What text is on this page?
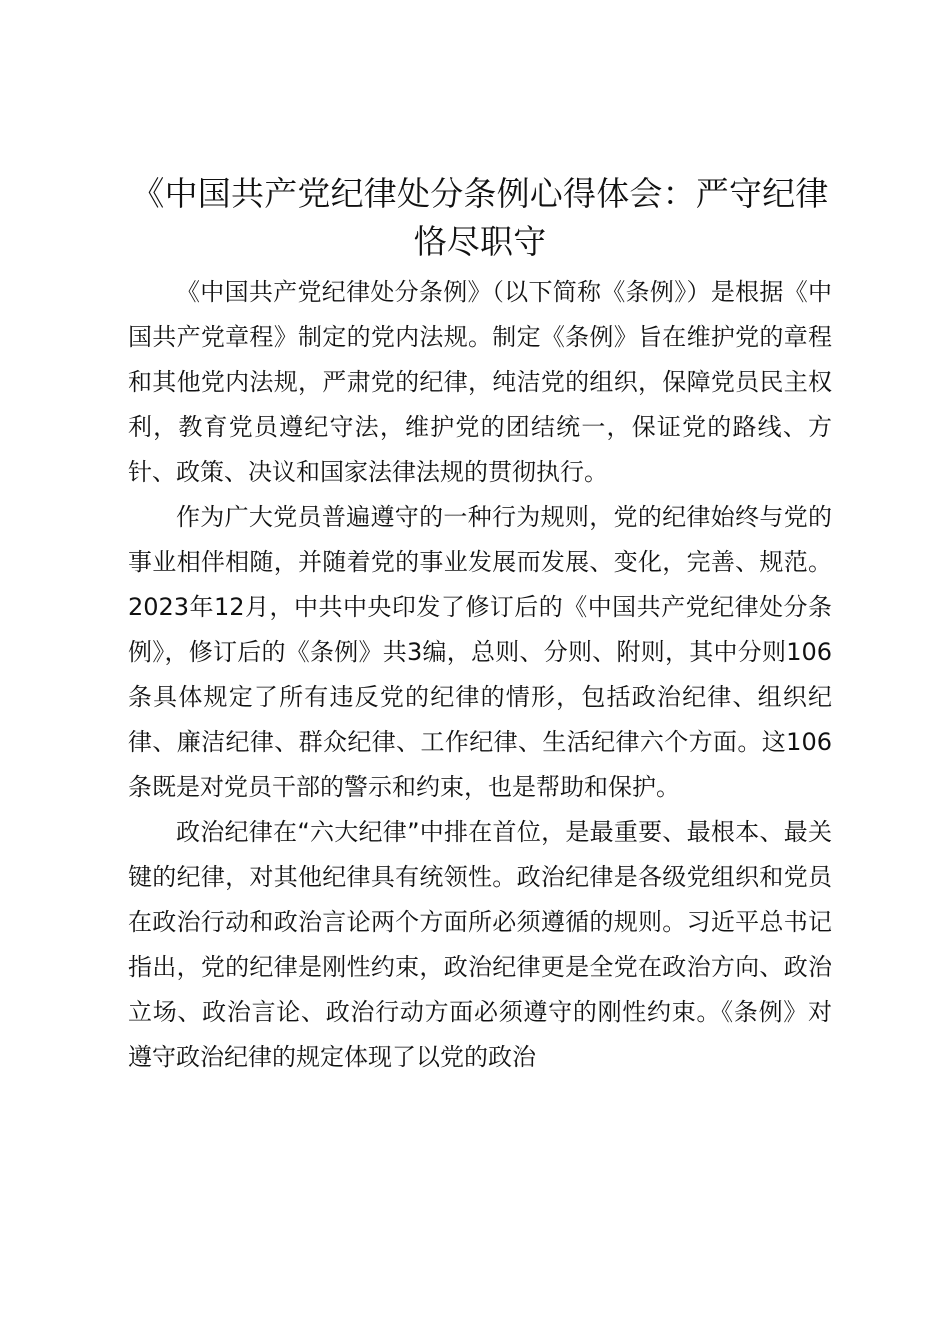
《中国共产党纪律处分条例心得体会：严守纪律恪尽职守

《中国共产党纪律处分条例》（以下简称《条例》）是根据《中国共产党章程》制定的党内法规。制定《条例》旨在维护党的章程和其他党内法规，严肃党的纪律，纯洁党的组织，保障党员民主权利，教育党员遵纪守法，维护党的团结统一，保证党的路线、方针、政策、决议和国家法律法规的贯彻执行。

作为广大党员普遍遵守的一种行为规则，党的纪律始终与党的事业相伴相随，并随着党的事业发展而发展、变化，完善、规范。2023年12月，中共中央印发了修订后的《中国共产党纪律处分条例》，修订后的《条例》共3编，总则、分则、附则，其中分则106条具体规定了所有违反党的纪律的情形，包括政治纪律、组织纪律、廉洁纪律、群众纪律、工作纪律、生活纪律六个方面。这106条既是对党员干部的警示和约束，也是帮助和保护。

政治纪律在“六大纪律”中排在首位，是最重要、最根本、最关键的纪律，对其他纪律具有统领性。政治纪律是各级党组织和党员在政治行动和政治言论两个方面所必须遵循的规则。习近平总书记指出，党的纪律是刚性约束，政治纪律更是全党在政治方向、政治立场、政治言论、政治行动方面必须遵守的刚性约束。《条例》对遵守政治纪律的规定体现了以党的政治
